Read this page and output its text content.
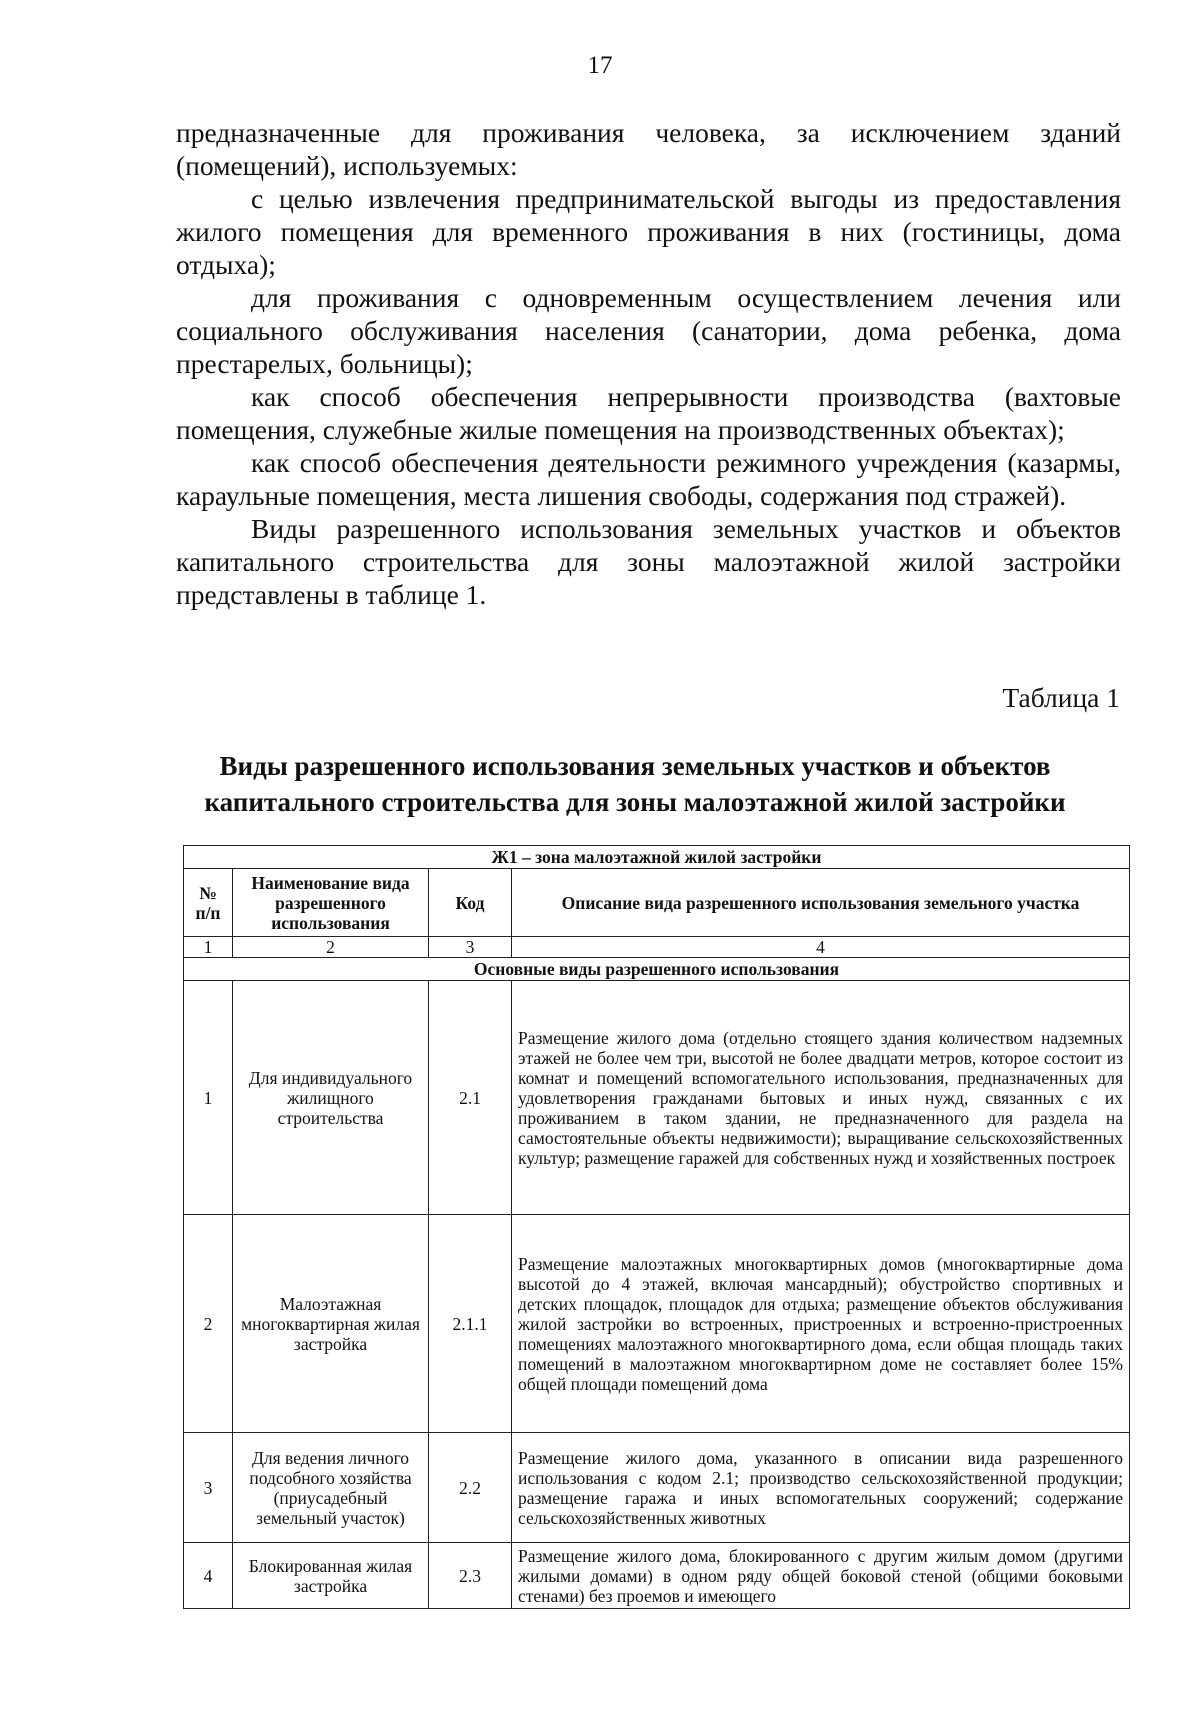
17

предназначенные для проживания человека, за исключением зданий (помещений), используемых:

с целью извлечения предпринимательской выгоды из предоставления жилого помещения для временного проживания в них (гостиницы, дома отдыха);

для проживания с одновременным осуществлением лечения или социального обслуживания населения (санатории, дома ребенка, дома престарелых, больницы);

как способ обеспечения непрерывности производства (вахтовые помещения, служебные жилые помещения на производственных объектах);

как способ обеспечения деятельности режимного учреждения (казармы, караульные помещения, места лишения свободы, содержания под стражей).

Виды разрешенного использования земельных участков и объектов капитального строительства для зоны малоэтажной жилой застройки представлены в таблице 1.

Таблица 1
Виды разрешенного использования земельных участков и объектов
капитального строительства для зоны малоэтажной жилой застройки
Ж1 – зона малоэтажной жилой застройки			
№ п/п	Наименование вида разрешенного использования	Код	Описание вида разрешенного использования земельного участка
1	2	3	4
Основные виды разрешенного использования			
1	Для индивидуального жилищного строительства	2.1	Размещение жилого дома (отдельно стоящего здания количеством надземных этажей не более чем три, высотой не более двадцати метров, которое состоит из комнат и помещений вспомогательного использования, предназначенных для удовлетворения гражданами бытовых и иных нужд, связанных с их проживанием в таком здании, не предназначенного для раздела на самостоятельные объекты недвижимости); выращивание сельскохозяйственных культур; размещение гаражей для собственных нужд и хозяйственных построек
2	Малоэтажная многоквартирная жилая застройка	2.1.1	Размещение малоэтажных многоквартирных домов (многоквартирные дома высотой до 4 этажей, включая мансардный); обустройство спортивных и детских площадок, площадок для отдыха; размещение объектов обслуживания жилой застройки во встроенных, пристроенных и встроенно-пристроенных помещениях малоэтажного многоквартирного дома, если общая площадь таких помещений в малоэтажном многоквартирном доме не составляет более 15% общей площади помещений дома
3	Для ведения личного подсобного хозяйства (приусадебный земельный участок)	2.2	Размещение жилого дома, указанного в описании вида разрешенного использования с кодом 2.1; производство сельскохозяйственной продукции; размещение гаража и иных вспомогательных сооружений; содержание сельскохозяйственных животных
4	Блокированная жилая застройка	2.3	Размещение жилого дома, блокированного с другим жилым домом (другими жилыми домами) в одном ряду общей боковой стеной (общими боковыми стенами) без проемов и имеющего
